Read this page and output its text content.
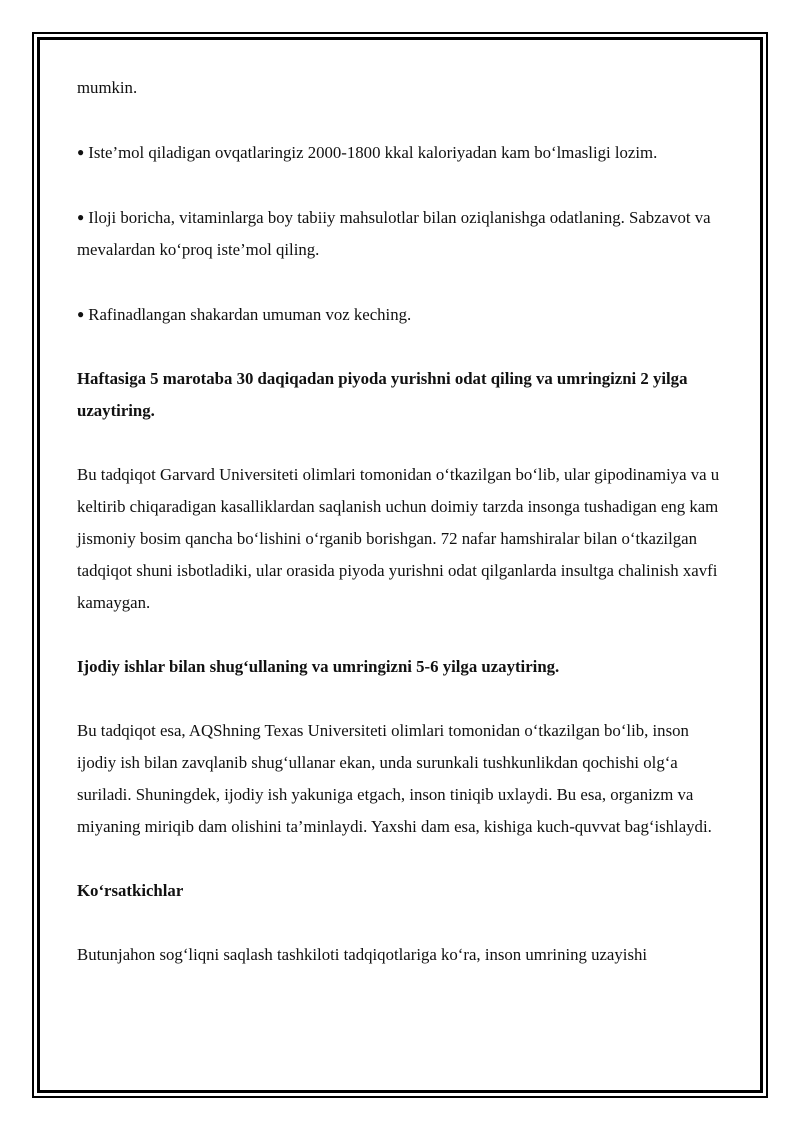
mumkin.

● Iste’mol qiladigan ovqatlaringiz 2000-1800 kkal kaloriyadan kam bo‘lmasligi lozim.

● Iloji boricha, vitaminlarga boy tabiiy mahsulotlar bilan oziqlanishga odatlaning. Sabzavot va mevalardan ko‘proq iste’mol qiling.

● Rafinadlangan shakardan umuman voz keching.

Haftasiga 5 marotaba 30 daqiqadan piyoda yurishni odat qiling va umringizni 2 yilga uzaytiring.

Bu tadqiqot Garvard Universiteti olimlari tomonidan o‘tkazilgan bo‘lib, ular gipodinamiya va u keltirib chiqaradigan kasalliklardan saqlanish uchun doimiy tarzda insonga tushadigan eng kam jismoniy bosim qancha bo‘lishini o‘rganib borishgan. 72 nafar hamshiralar bilan o‘tkazilgan tadqiqot shuni isbotladiki, ular orasida piyoda yurishni odat qilganlarda insultga chalinish xavfi kamaygan.

Ijodiy ishlar bilan shug‘ullaning va umringizni 5-6 yilga uzaytiring.

Bu tadqiqot esa, AQShning Texas Universiteti olimlari tomonidan o‘tkazilgan bo‘lib, inson ijodiy ish bilan zavqlanib shug‘ullanar ekan, unda surunkali tushkunlikdan qochishi olg‘a suriladi. Shuningdek, ijodiy ish yakuniga etgach, inson tiniqib uxlaydi. Bu esa, organizm va miyaning miriqib dam olishini ta’minlaydi. Yaxshi dam esa, kishiga kuch-quvvat bag‘ishlaydi.

Ko‘rsatkichlar

Butunjahon sog‘liqni saqlash tashkiloti tadqiqotlariga ko‘ra, inson umrining uzayishi
